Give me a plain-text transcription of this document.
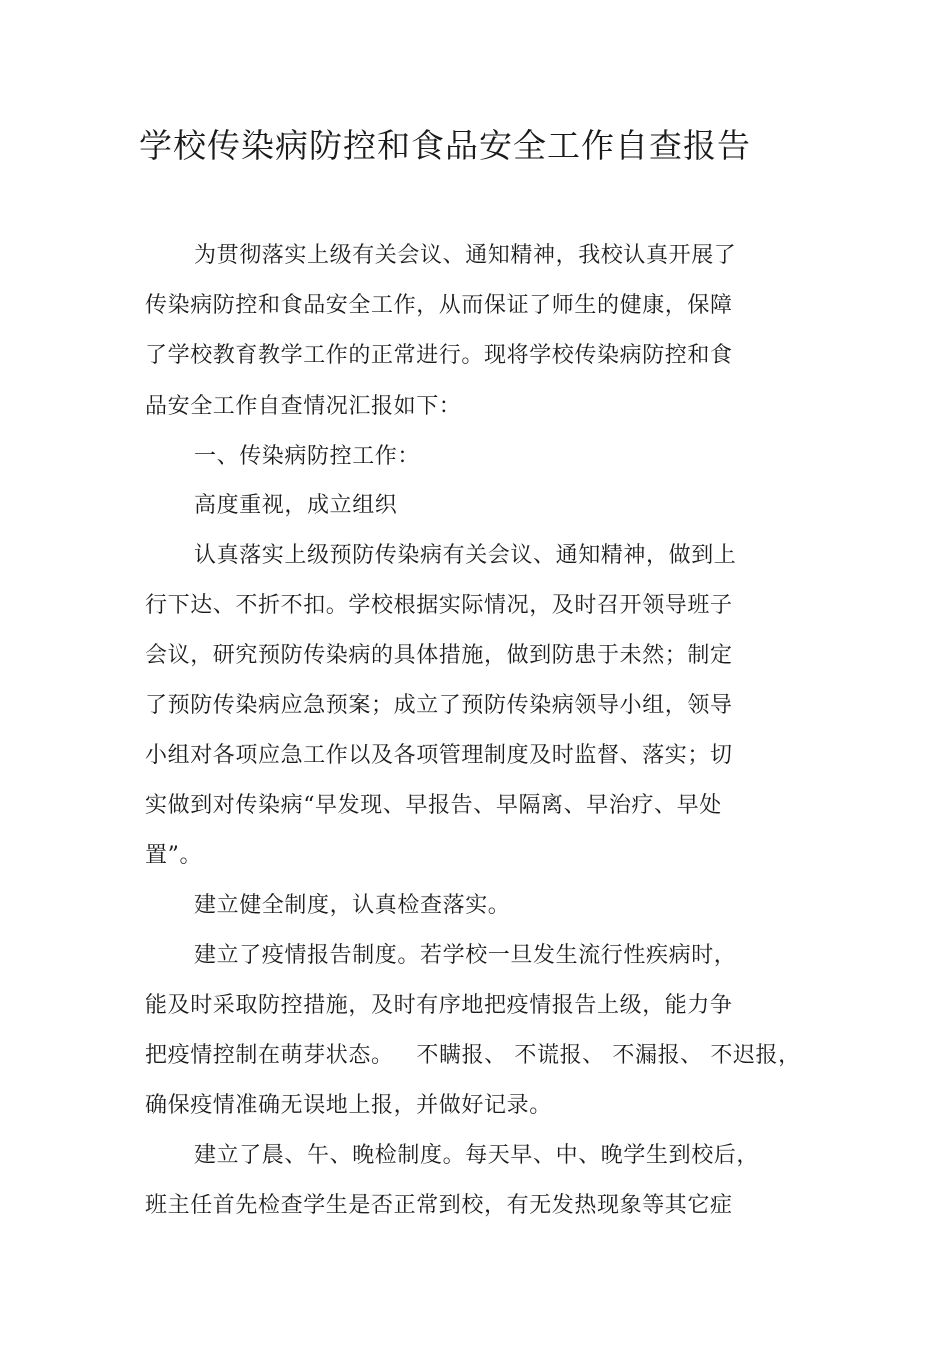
学校传染病防控和食品安全工作自查报告

为贯彻落实上级有关会议、通知精神，我校认真开展了

传染病防控和食品安全工作，从而保证了师生的健康，保障

了学校教育教学工作的正常进行。现将学校传染病防控和食

品安全工作自查情况汇报如下：

一、传染病防控工作：

高度重视，成立组织

认真落实上级预防传染病有关会议、通知精神，做到上

行下达、不折不扣。学校根据实际情况，及时召开领导班子

会议，研究预防传染病的具体措施，做到防患于未然；制定

了预防传染病应急预案；成立了预防传染病领导小组，领导

小组对各项应急工作以及各项管理制度及时监督、落实；切

实做到对传染病“早发现、早报告、早隔离、早治疗、早处

置”。

建立健全制度，认真检查落实。

建立了疫情报告制度。若学校一旦发生流行性疾病时，

能及时采取防控措施，及时有序地把疫情报告上级，能力争

把疫情控制在萌芽状态。   不瞒报、 不谎报、 不漏报、 不迟报，

确保疫情准确无误地上报，并做好记录。

建立了晨、午、晚检制度。每天早、中、晚学生到校后，

班主任首先检查学生是否正常到校，有无发热现象等其它症
